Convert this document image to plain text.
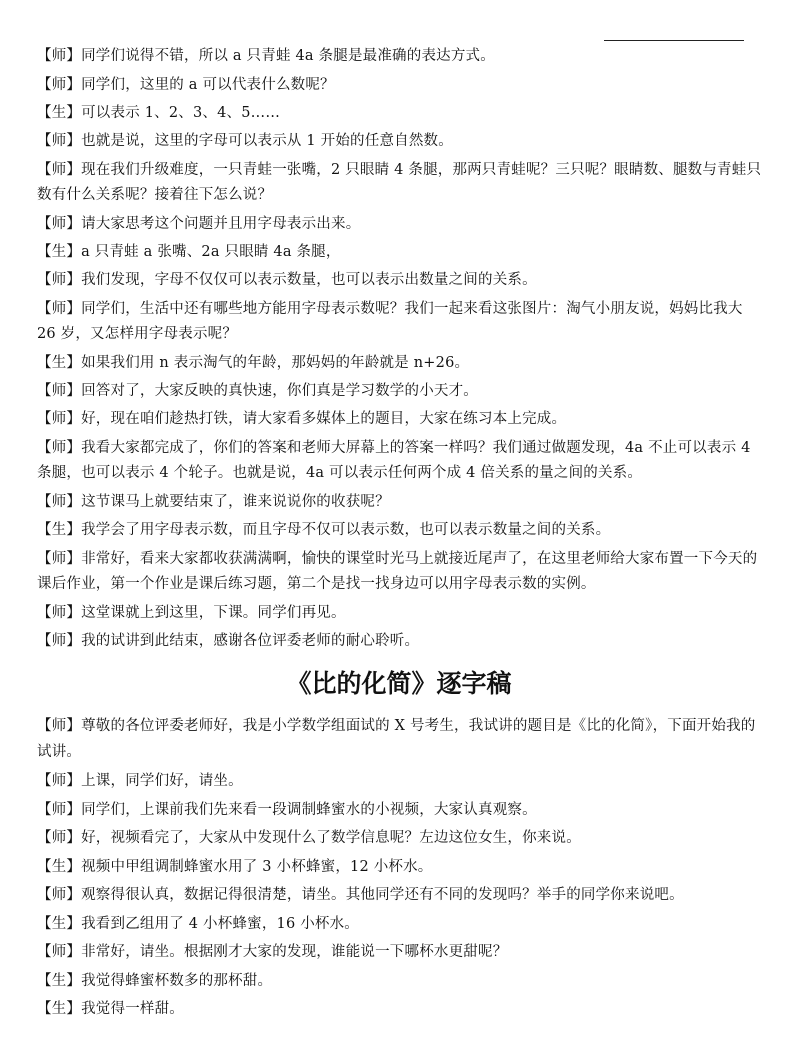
【师】同学们说得不错，所以 a 只青蛙 4a 条腿是最准确的表达方式。
【师】同学们，这里的 a 可以代表什么数呢？
【生】可以表示 1、2、3、4、5……
【师】也就是说，这里的字母可以表示从 1 开始的任意自然数。
【师】现在我们升级难度，一只青蛙一张嘴，2 只眼睛 4 条腿，那两只青蛙呢？三只呢？眼睛数、腿数与青蛙只
数有什么关系呢？接着往下怎么说？
【师】请大家思考这个问题并且用字母表示出来。
【生】a 只青蛙 a 张嘴、2a 只眼睛 4a 条腿，
【师】我们发现，字母不仅仅可以表示数量，也可以表示出数量之间的关系。
【师】同学们，生活中还有哪些地方能用字母表示数呢？我们一起来看这张图片：淘气小朋友说，妈妈比我大
26 岁，又怎样用字母表示呢？
【生】如果我们用 n 表示淘气的年龄，那妈妈的年龄就是 n+26。
【师】回答对了，大家反映的真快速，你们真是学习数学的小天才。
【师】好，现在咱们趁热打铁，请大家看多媒体上的题目，大家在练习本上完成。
【师】我看大家都完成了，你们的答案和老师大屏幕上的答案一样吗？我们通过做题发现，4a 不止可以表示 4
条腿，也可以表示 4 个轮子。也就是说，4a 可以表示任何两个成 4 倍关系的量之间的关系。
【师】这节课马上就要结束了，谁来说说你的收获呢？
【生】我学会了用字母表示数，而且字母不仅可以表示数，也可以表示数量之间的关系。
【师】非常好，看来大家都收获满满啊，愉快的课堂时光马上就接近尾声了，在这里老师给大家布置一下今天的
课后作业，第一个作业是课后练习题，第二个是找一找身边可以用字母表示数的实例。
【师】这堂课就上到这里，下课。同学们再见。
【师】我的试讲到此结束，感谢各位评委老师的耐心聆听。
《比的化简》逐字稿
【师】尊敬的各位评委老师好，我是小学数学组面试的 X 号考生，我试讲的题目是《比的化简》，下面开始我的
试讲。
【师】上课，同学们好，请坐。
【师】同学们，上课前我们先来看一段调制蜂蜜水的小视频，大家认真观察。
【师】好，视频看完了，大家从中发现什么了数学信息呢？左边这位女生，你来说。
【生】视频中甲组调制蜂蜜水用了 3 小杯蜂蜜，12 小杯水。
【师】观察得很认真，数据记得很清楚，请坐。其他同学还有不同的发现吗？举手的同学你来说吧。
【生】我看到乙组用了 4 小杯蜂蜜，16 小杯水。
【师】非常好，请坐。根据刚才大家的发现，谁能说一下哪杯水更甜呢？
【生】我觉得蜂蜜杯数多的那杯甜。
【生】我觉得一样甜。
